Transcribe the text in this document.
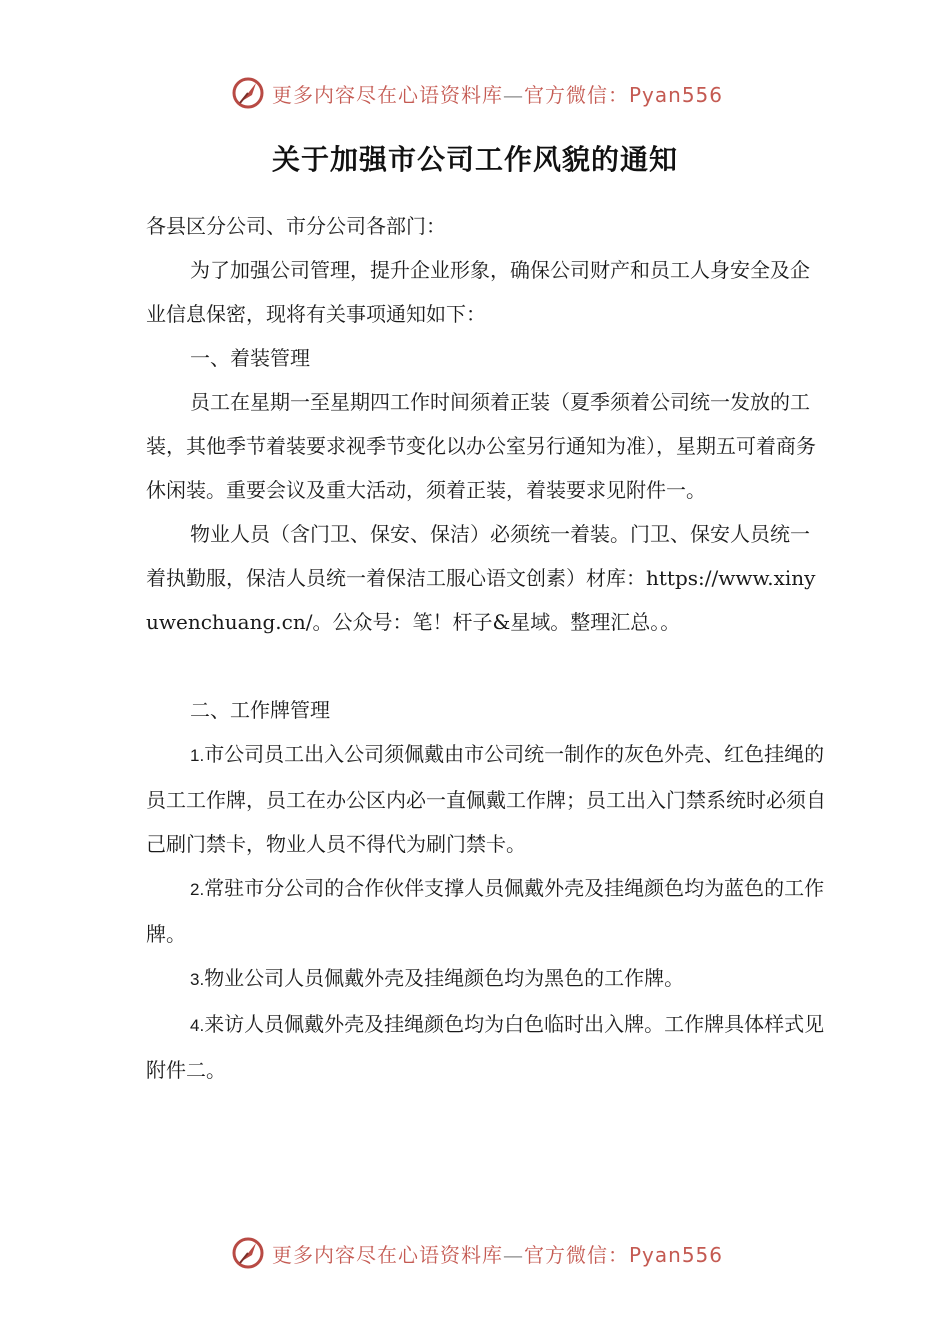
更多内容尽在心语资料库—官方微信：Pyan556
关于加强市公司工作风貌的通知

各县区分公司、市分公司各部门：

为了加强公司管理，提升企业形象，确保公司财产和员工人身安全及企业信息保密，现将有关事项通知如下：

一、着装管理

员工在星期一至星期四工作时间须着正装（夏季须着公司统一发放的工装，其他季节着装要求视季节变化以办公室另行通知为准），星期五可着商务休闲装。重要会议及重大活动，须着正装，着装要求见附件一。

物业人员（含门卫、保安、保洁）必须统一着装。门卫、保安人员统一着执勤服，保洁人员统一着保洁工服心语文创素）材库：https://www.xinyuwenchuang.cn/。公众号：笔！杆子&星域。整理汇总。。

二、工作牌管理

1.市公司员工出入公司须佩戴由市公司统一制作的灰色外壳、红色挂绳的员工工作牌，员工在办公区内必一直佩戴工作牌；员工出入门禁系统时必须自己刷门禁卡，物业人员不得代为刷门禁卡。

2.常驻市分公司的合作伙伴支撑人员佩戴外壳及挂绳颜色均为蓝色的工作牌。

3.物业公司人员佩戴外壳及挂绳颜色均为黑色的工作牌。

4.来访人员佩戴外壳及挂绳颜色均为白色临时出入牌。工作牌具体样式见附件二。

更多内容尽在心语资料库—官方微信：Pyan556
